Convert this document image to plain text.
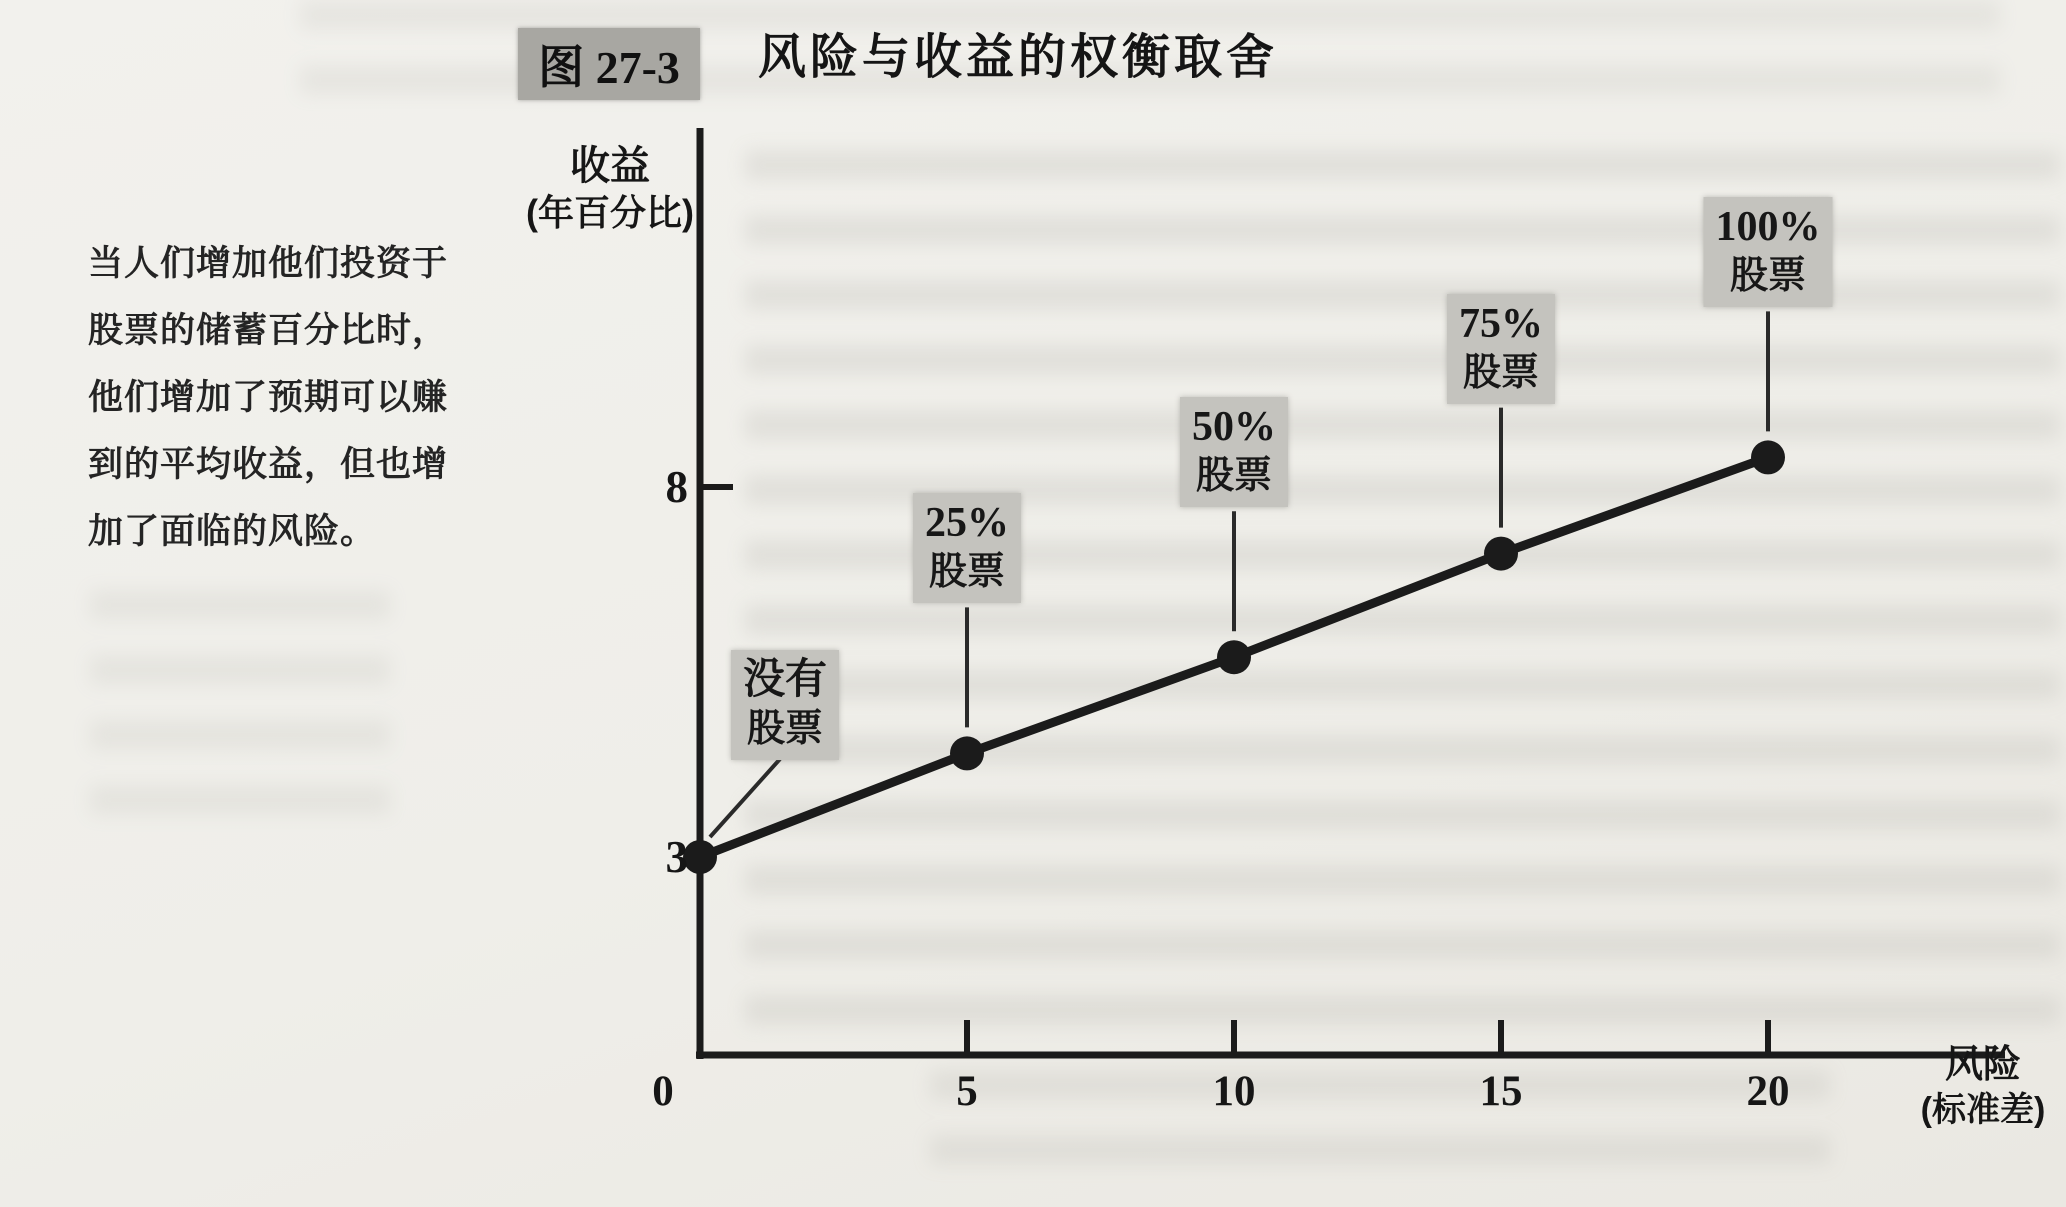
图 27-3	风险与收益的权衡取舍
当人们增加他们投资于
股票的储蓄百分比时，
他们增加了预期可以赚
到的平均收益，但也增
加了面临的风险。
收益
(年百分比)
风险
(标准差)
8
3
0	5	10	15	20
没有
股票
25%
股票
50%
股票
75%
股票
100%
股票
